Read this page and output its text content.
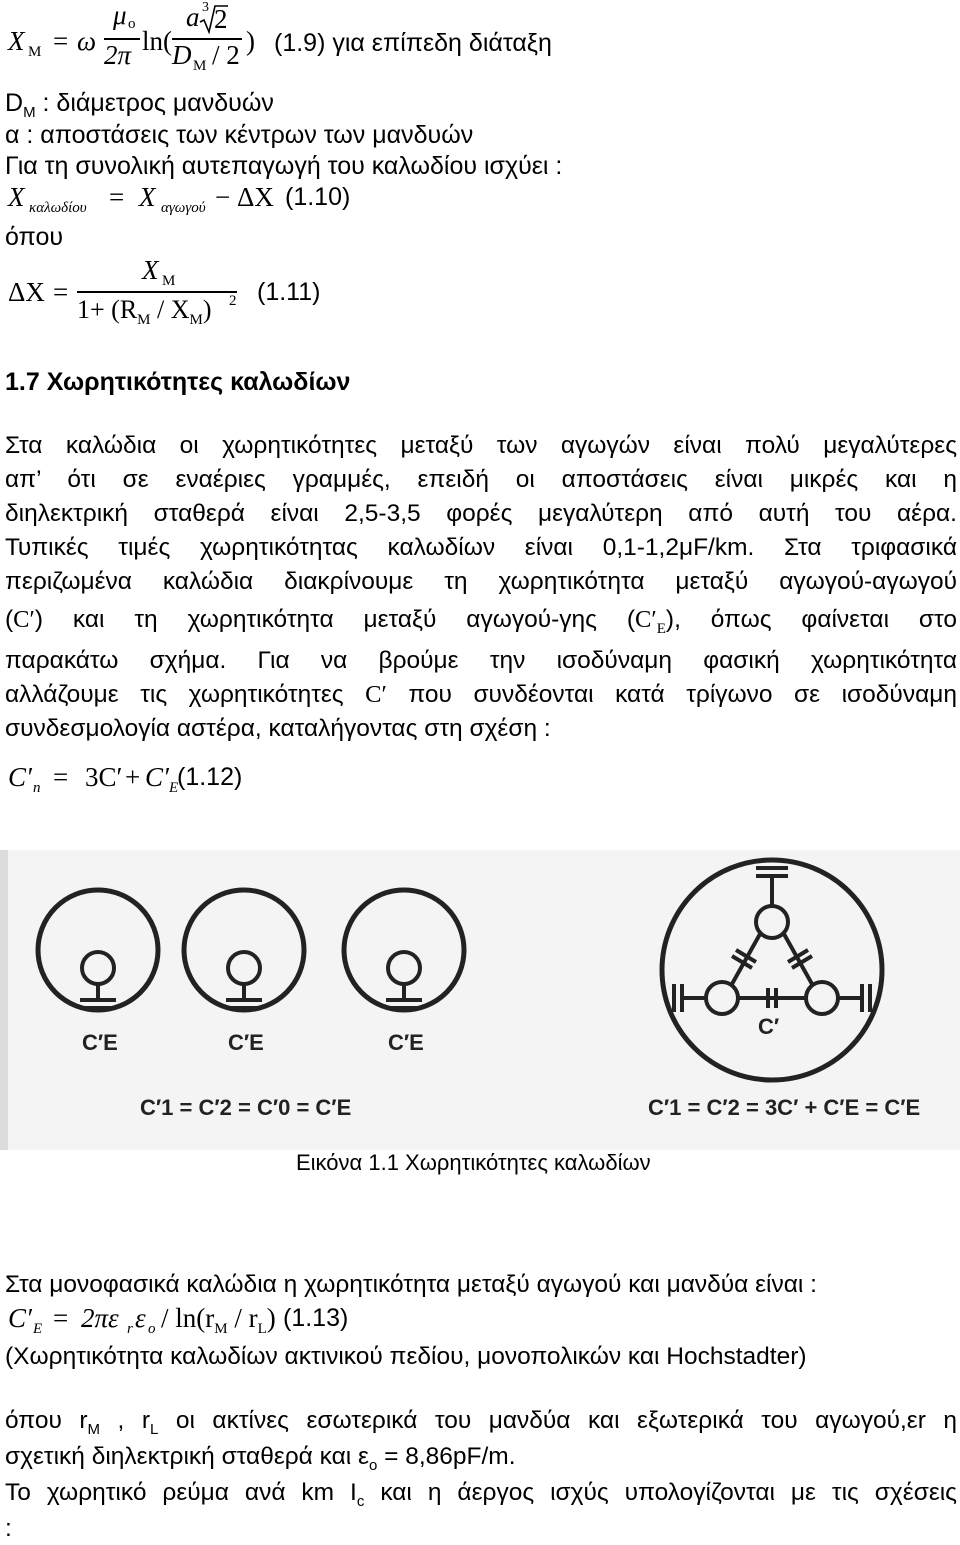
X M = ω
μ o
2π ln(
a 3 2
D M / 2 ) (1.9) για επίπεδη διάταξη
$D_M$ : διάμετρος μανδυών
α : αποστάσεις των κέντρων των μανδυών
Για τη συνολική αυτεπαγωγή του καλωδίου ισχύει :
X καλωδίου = X αγωγού − ΔX (1.10)
όπου
ΔX =
X M
$1+ (R_M / X_M)$ 2 (1.11)
1.7 Χωρητικότητες καλωδίων

Στα καλώδια οι χωρητικότητες μεταξύ των αγωγών είναι πολύ μεγαλύτερες

απ’ ότι σε εναέριες γραμμές, επειδή οι αποστάσεις είναι μικρές και η

διηλεκτρική σταθερά είναι 2,5-3,5 φορές μεγαλύτερη από αυτή του αέρα.

Τυπικές τιμές χωρητικότητας καλωδίων είναι 0,1-1,2μF/km. Στα τριφασικά

περιζωμένα καλώδια διακρίνουμε τη χωρητικότητα μεταξύ αγωγού-αγωγού

(C′) και τη χωρητικότητα μεταξύ αγωγού-γης $(C'_E)$, όπως φαίνεται στο

παρακάτω σχήμα. Για να βρούμε την ισοδύναμη φασική χωρητικότητα

αλλάζουμε τις χωρητικότητες C′ που συνδέονται κατά τρίγωνο σε ισοδύναμη

συνδεσμολογία αστέρα, καταλήγοντας στη σχέση :

C′ n = 3C′ + C′ E
(1.12)
C′E	C′E	C′E
C′
C′1 = C′2 = C′0 = C′E	C′1 = C′2 = 3C′ + C′E = C′E
Εικόνα 1.1 Χωρητικότητες καλωδίων
Στα μονοφασικά καλώδια η χωρητικότητα μεταξύ αγωγού και μανδύα είναι :
C′ E = 2πε r ε o / $\ln(r_M / r_L)$ (1.13)
(Χωρητικότητα καλωδίων ακτινικού πεδίου, μονοπολικών και Hochstadter)

όπου $r_M$ , $r_L$ οι ακτίνες εσωτερικά του μανδύα και εξωτερικά του αγωγού,εr η

σχετική διηλεκτρική σταθερά και $\varepsilon_o = 8,86pF/m$.

Το χωρητικό ρεύμα ανά km $I_c$ και η άεργος ισχύς υπολογίζονται με τις σχέσεις

:
